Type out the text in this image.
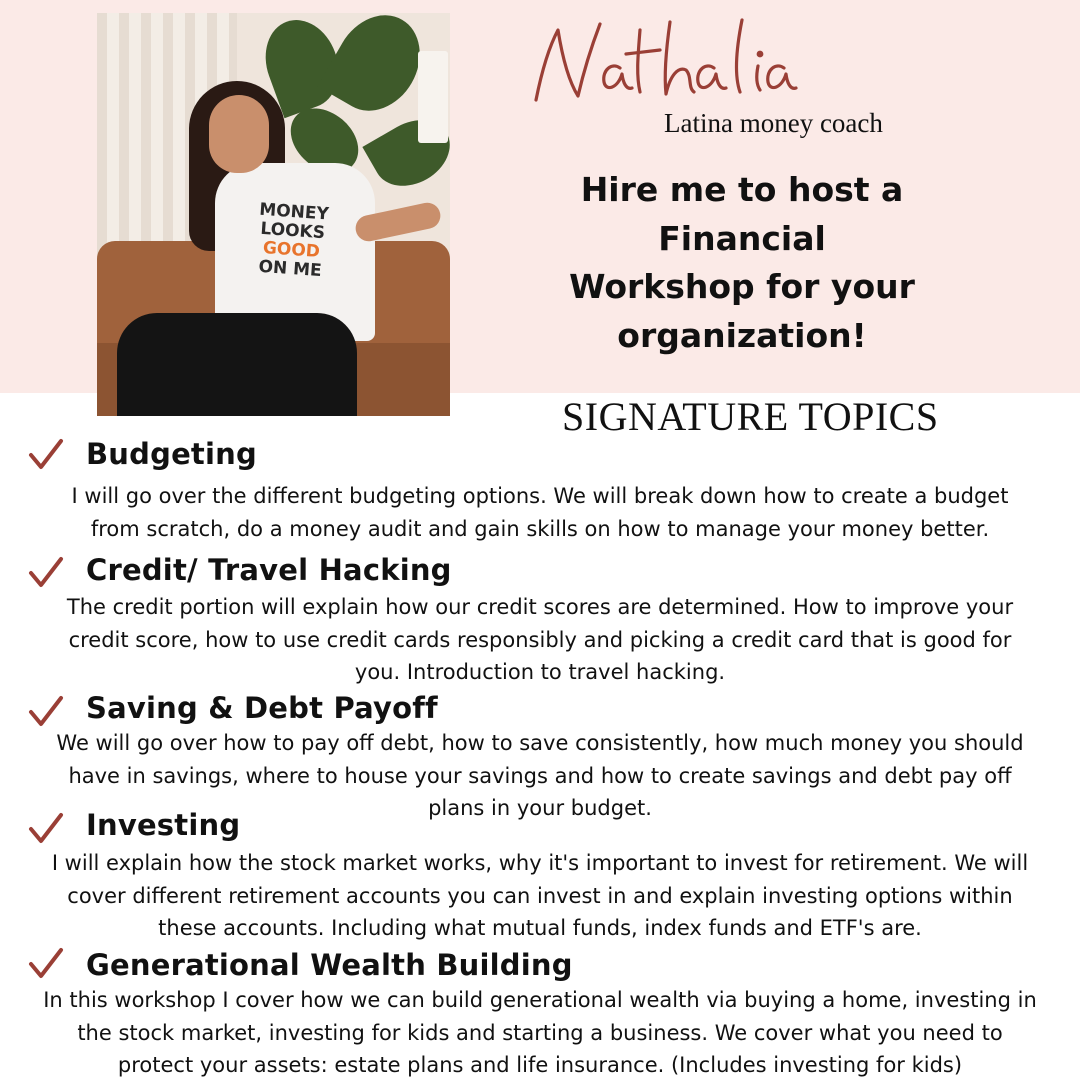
MONEY
LOOKS
GOOD
ON ME
Nathalia
Latina money coach
Hire me to host a
Financial
Workshop for your
organization!
SIGNATURE TOPICS
Budgeting
I will go over the different budgeting options. We will break down how to create a budget
from scratch, do a money audit and gain skills on how to manage your money better.
Credit/ Travel Hacking
The credit portion will explain how our credit scores are determined. How to improve your
credit score, how to use credit cards responsibly and picking a credit card that is good for
you. Introduction to travel hacking.
Saving & Debt Payoff
We will go over how to pay off debt, how to save consistently, how much money you should
have in savings, where to house your savings and how to create savings and debt pay off
plans in your budget.
Investing
I will explain how the stock market works, why it's important to invest for retirement. We will
cover different retirement accounts you can invest in and explain investing options within
these accounts. Including what mutual funds, index funds and ETF's are.
Generational Wealth Building
In this workshop I cover how we can build generational wealth via buying a home, investing in
the stock market, investing for kids and starting a business. We cover what you need to
protect your assets: estate plans and life insurance. (Includes investing for kids)
